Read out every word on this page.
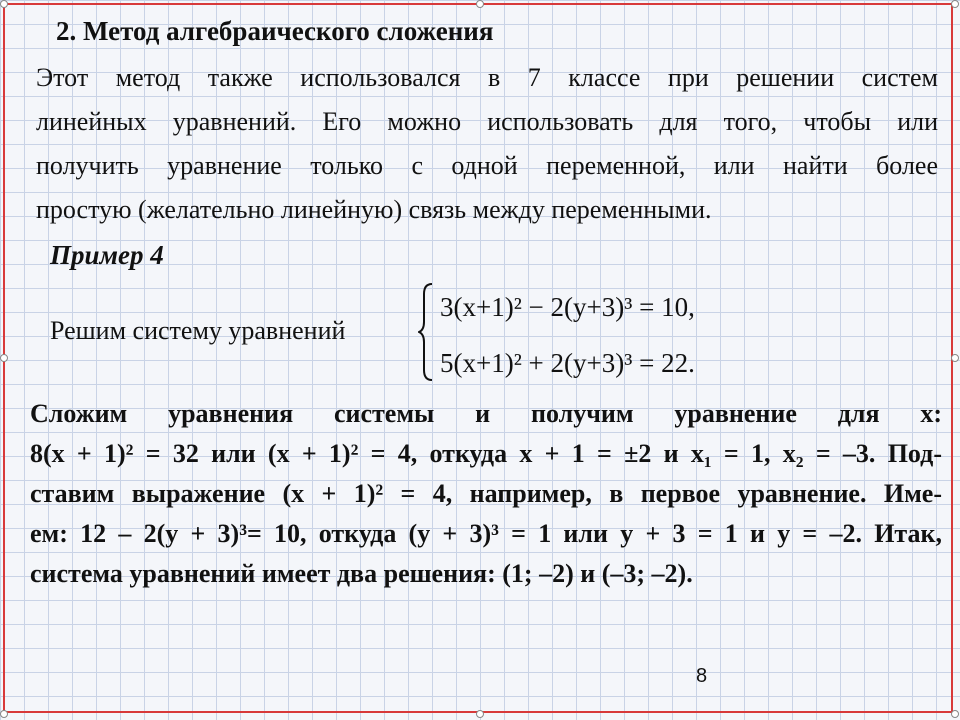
2. Метод алгебраического сложения
Этот метод также использовался в 7 классе при решении систем
линейных уравнений. Его можно использовать для того, чтобы или
получить уравнение только с одной переменной, или найти более
простую (желательно линейную) связь между переменными.
Пример 4
Решим систему уравнений
3(x+1)² − 2(y+3)³ = 10,
5(x+1)² + 2(y+3)³ = 22.
Сложим уравнения системы и получим уравнение для x:
8(x + 1)² = 32 или (x + 1)² = 4, откуда x + 1 = ±2 и x₁ = 1, x₂ = –3. Под-
ставим выражение (x + 1)² = 4, например, в первое уравнение. Име-
ем: 12 – 2(y + 3)³= 10, откуда (y + 3)³ = 1 или y + 3 = 1 и y = –2. Итак,
система уравнений имеет два решения: (1; –2) и (–3; –2).
8
